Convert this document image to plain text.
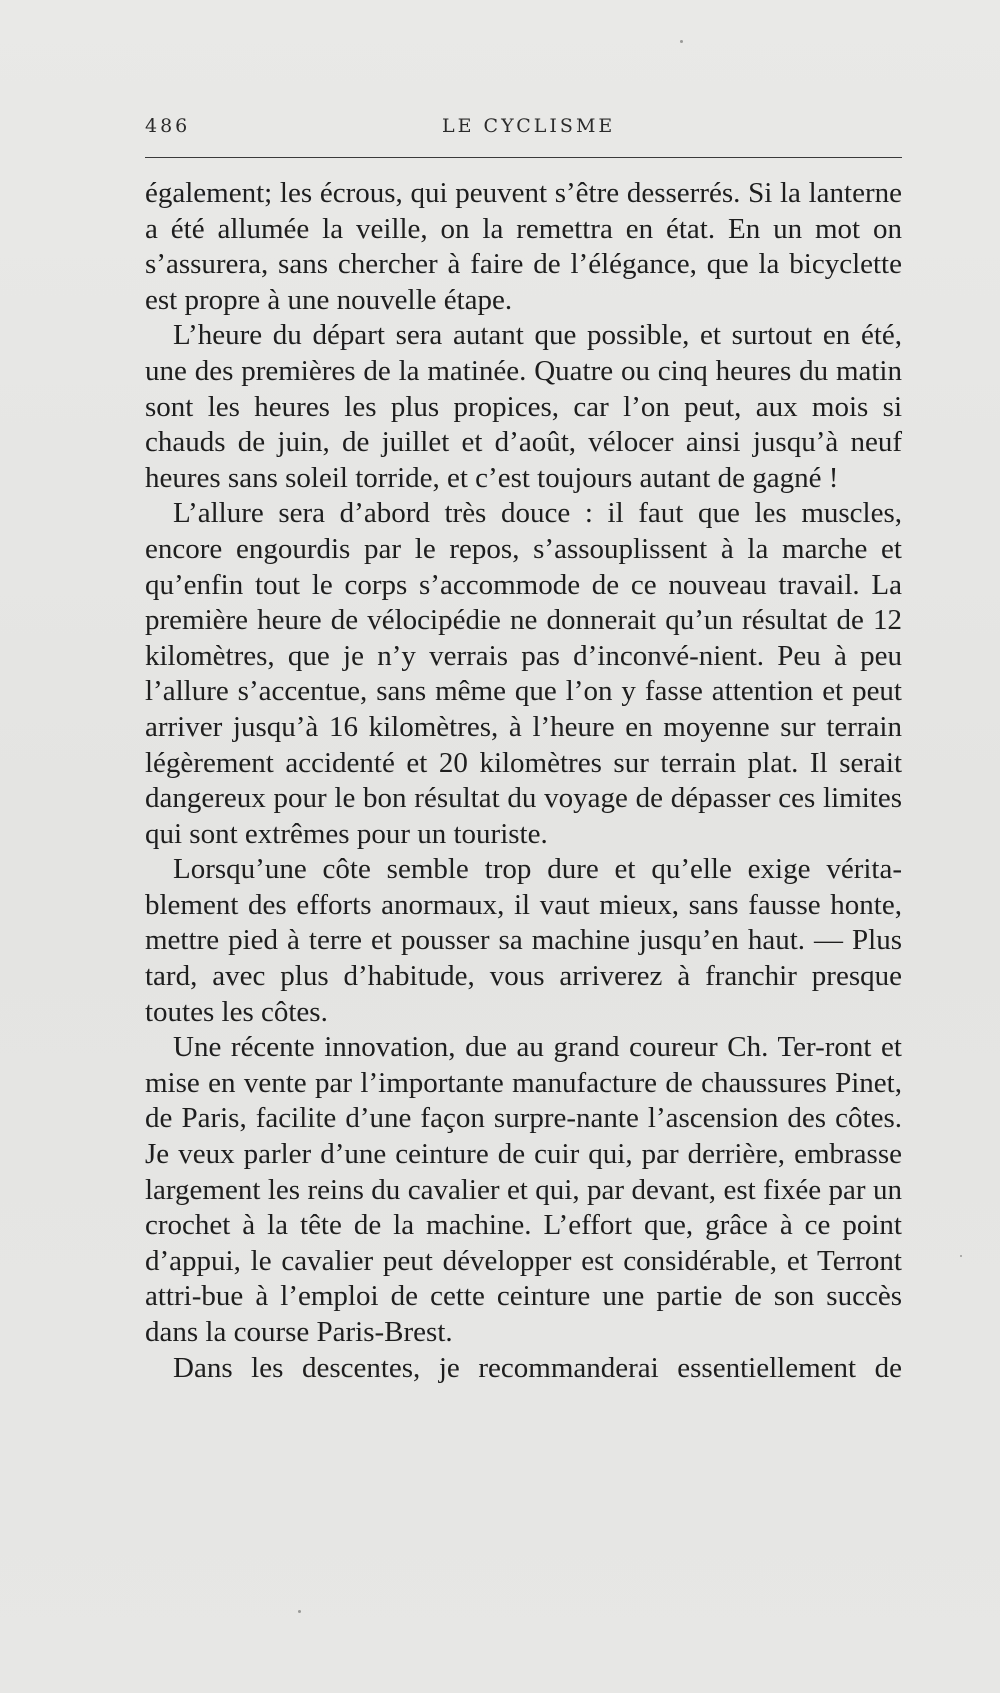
486	LE CYCLISME

également; les écrous, qui peuvent s’être desserrés. Si la lanterne a été allumée la veille, on la remettra en état. En un mot on s’assurera, sans chercher à faire de l’élégance, que la bicyclette est propre à une nouvelle étape.

L’heure du départ sera autant que possible, et surtout en été, une des premières de la matinée. Quatre ou cinq heures du matin sont les heures les plus propices, car l’on peut, aux mois si chauds de juin, de juillet et d’août, vélocer ainsi jusqu’à neuf heures sans soleil torride, et c’est toujours autant de gagné !

L’allure sera d’abord très douce : il faut que les muscles, encore engourdis par le repos, s’assouplissent à la marche et qu’enfin tout le corps s’accommode de ce nouveau travail. La première heure de vélocipédie ne donnerait qu’un résultat de 12 kilomètres, que je n’y verrais pas d’inconvé-nient. Peu à peu l’allure s’accentue, sans même que l’on y fasse attention et peut arriver jusqu’à 16 kilomètres, à l’heure en moyenne sur terrain légèrement accidenté et 20 kilomètres sur terrain plat. Il serait dangereux pour le bon résultat du voyage de dépasser ces limites qui sont extrêmes pour un touriste.

Lorsqu’une côte semble trop dure et qu’elle exige vérita-blement des efforts anormaux, il vaut mieux, sans fausse honte, mettre pied à terre et pousser sa machine jusqu’en haut. — Plus tard, avec plus d’habitude, vous arriverez à franchir presque toutes les côtes.

Une récente innovation, due au grand coureur Ch. Ter-ront et mise en vente par l’importante manufacture de chaussures Pinet, de Paris, facilite d’une façon surpre-nante l’ascension des côtes. Je veux parler d’une ceinture de cuir qui, par derrière, embrasse largement les reins du cavalier et qui, par devant, est fixée par un crochet à la tête de la machine. L’effort que, grâce à ce point d’appui, le cavalier peut développer est considérable, et Terront attri-bue à l’emploi de cette ceinture une partie de son succès dans la course Paris-Brest.

Dans les descentes, je recommanderai essentiellement de
